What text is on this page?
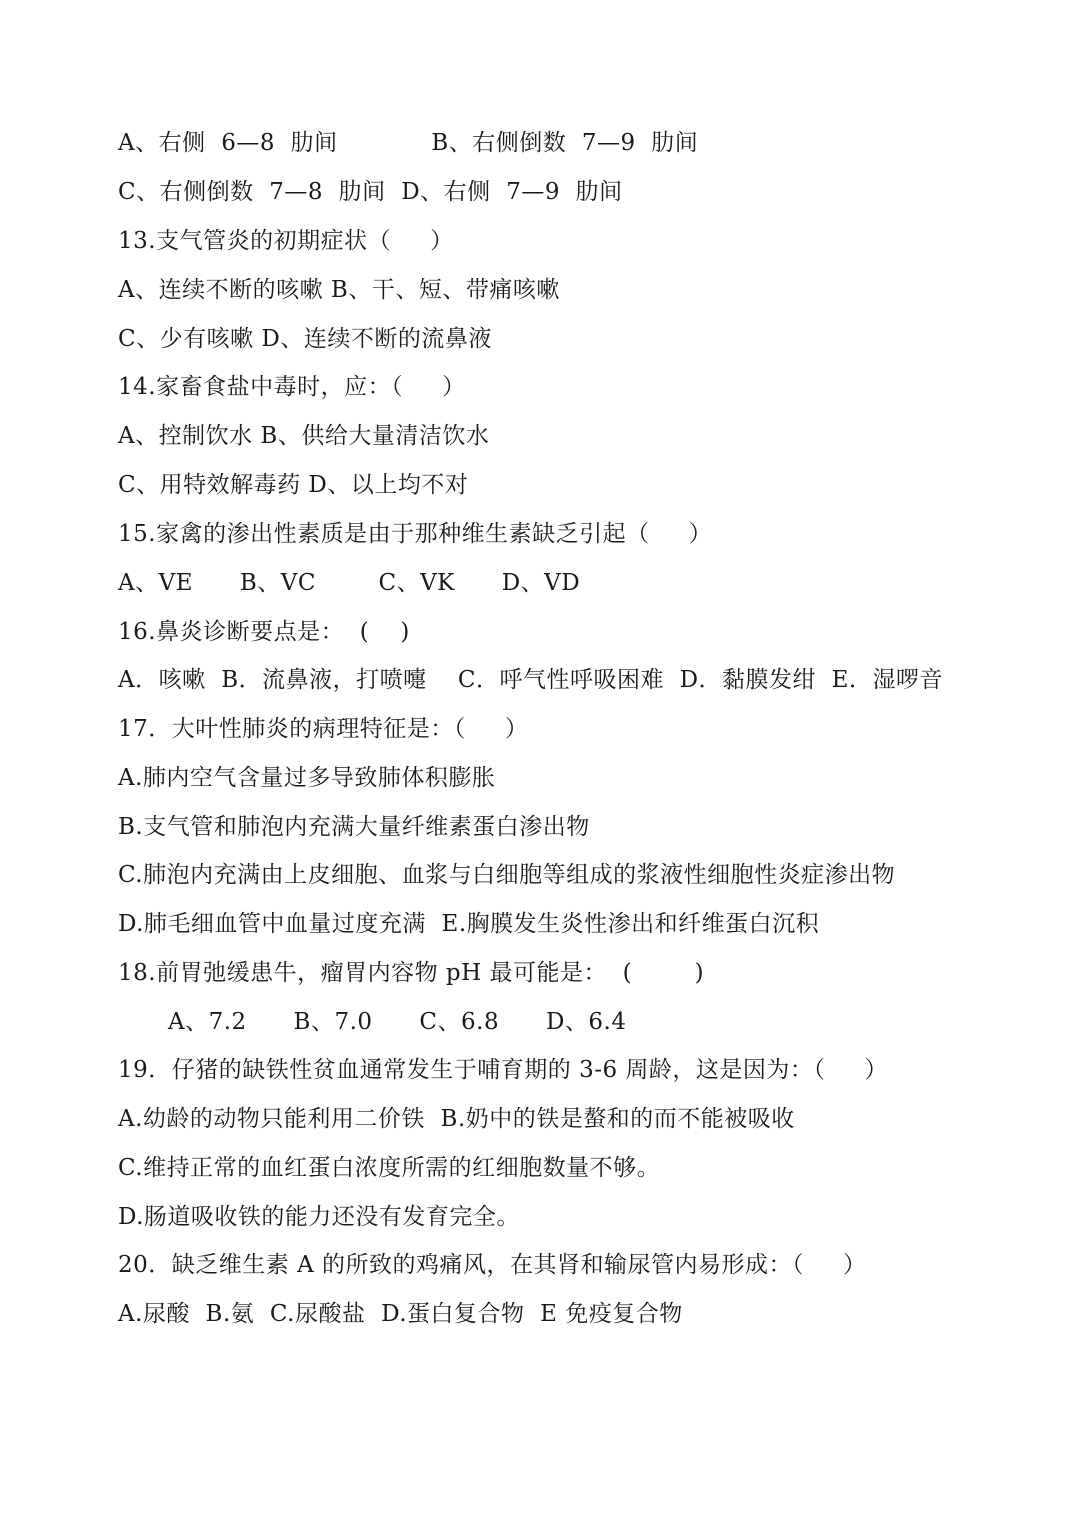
A、右侧  6—8  肋间            B、右侧倒数  7—9  肋间
C、右侧倒数  7—8  肋间  D、右侧  7—9  肋间
13.支气管炎的初期症状（     ）
A、连续不断的咳嗽 B、干、短、带痛咳嗽
C、少有咳嗽 D、连续不断的流鼻液
14.家畜食盐中毒时，应：（     ）
A、控制饮水 B、供给大量清洁饮水
C、用特效解毒药 D、以上均不对
15.家禽的渗出性素质是由于那种维生素缺乏引起（     ）
A、VE      B、VC        C、VK      D、VD
16.鼻炎诊断要点是：  (    )
A．咳嗽  B．流鼻液，打喷嚏    C．呼气性呼吸困难  D．黏膜发绀  E．湿啰音
17．大叶性肺炎的病理特征是：（     ）
A.肺内空气含量过多导致肺体积膨胀
B.支气管和肺泡内充满大量纤维素蛋白渗出物
C.肺泡内充满由上皮细胞、血浆与白细胞等组成的浆液性细胞性炎症渗出物
D.肺毛细血管中血量过度充满  E.胸膜发生炎性渗出和纤维蛋白沉积
18.前胃弛缓患牛，瘤胃内容物 pH 最可能是：  (        )
A、7.2      B、7.0      C、6.8      D、6.4
19．仔猪的缺铁性贫血通常发生于哺育期的 3-6 周龄，这是因为：（     ）
A.幼龄的动物只能利用二价铁  B.奶中的铁是螯和的而不能被吸收
C.维持正常的血红蛋白浓度所需的红细胞数量不够。
D.肠道吸收铁的能力还没有发育完全。
20．缺乏维生素 A 的所致的鸡痛风，在其肾和输尿管内易形成：（     ）
A.尿酸  B.氨  C.尿酸盐  D.蛋白复合物  E 免疫复合物
